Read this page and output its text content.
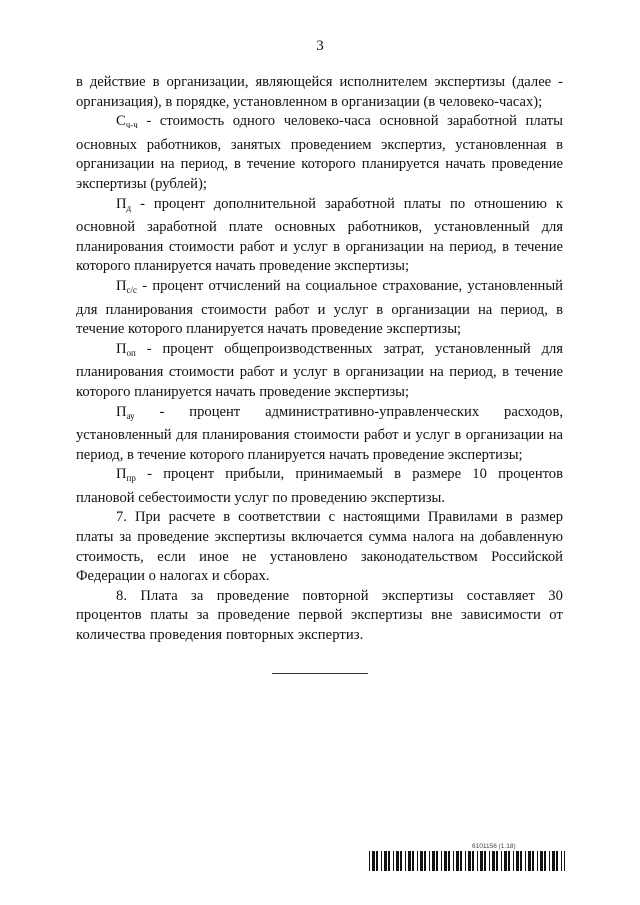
3

в действие в организации, являющейся исполнителем экспертизы (далее - организация), в порядке, установленном в организации (в человеко-часах);

$С_{ч-ч}$ - стоимость одного человеко-часа основной заработной платы основных работников, занятых проведением экспертиз, установленная в организации на период, в течение которого планируется начать проведение экспертизы (рублей);

$П_д$ - процент дополнительной заработной платы по отношению к основной заработной плате основных работников, установленный для планирования стоимости работ и услуг в организации на период, в течение которого планируется начать проведение экспертизы;

$П_{с/с}$ - процент отчислений на социальное страхование, установленный для планирования стоимости работ и услуг в организации на период, в течение которого планируется начать проведение экспертизы;

$П_{оп}$ - процент общепроизводственных затрат, установленный для планирования стоимости работ и услуг в организации на период, в течение которого планируется начать проведение экспертизы;

$П_{ау}$ - процент административно-управленческих расходов, установленный для планирования стоимости работ и услуг в организации на период, в течение которого планируется начать проведение экспертизы;

$П_{пр}$ - процент прибыли, принимаемый в размере 10 процентов плановой себестоимости услуг по проведению экспертизы.

7. При расчете в соответствии с настоящими Правилами в размер платы за проведение экспертизы включается сумма налога на добавленную стоимость, если иное не установлено законодательством Российской Федерации о налогах и сборах.

8. Плата за проведение повторной экспертизы составляет 30 процентов платы за проведение первой экспертизы вне зависимости от количества проведения повторных экспертиз.

6101156 (1.18)
